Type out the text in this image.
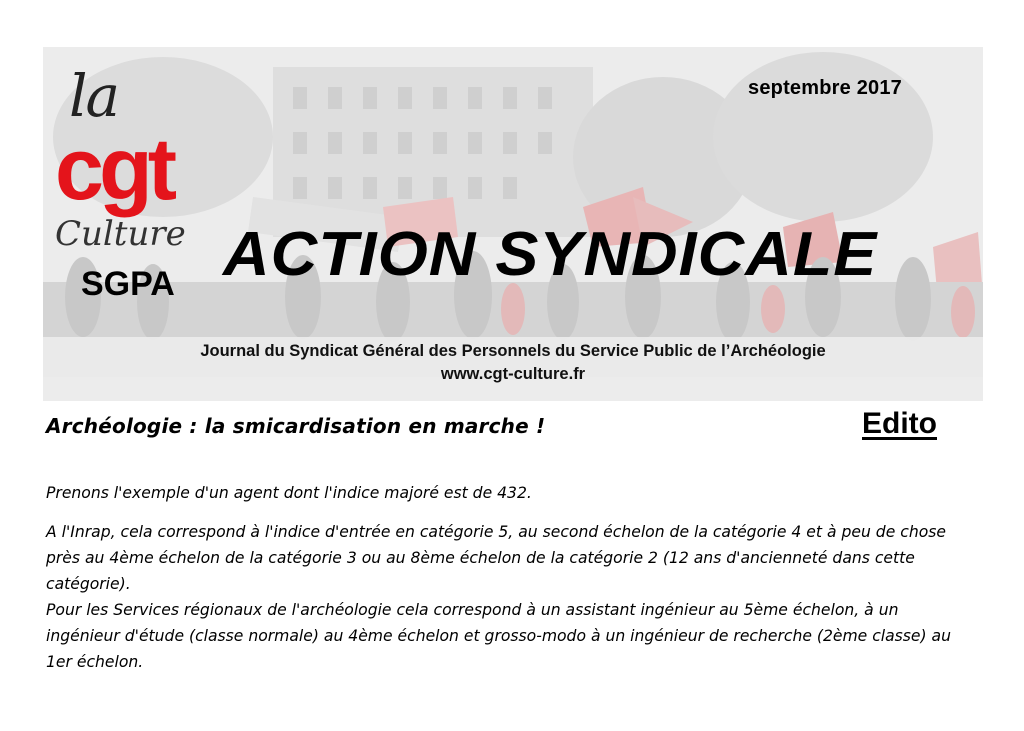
septembre 2017
la
cgt
Culture
SGPA ACTION SYNDICALE
Journal du Syndicat Général des Personnels du Service Public de l’Archéologie
www.cgt-culture.fr
Archéologie : la smicardisation en marche !	Edito

Prenons l'exemple d'un agent dont l'indice majoré est de 432.

A l'Inrap, cela correspond à l'indice d'entrée en catégorie 5, au second échelon de la catégorie 4 et à peu de chose près au 4ème échelon de la catégorie 3 ou au 8ème échelon de la catégorie 2 (12 ans d'ancienneté dans cette catégorie).

Pour les Services régionaux de l'archéologie cela correspond à un assistant ingénieur au 5ème échelon, à un ingénieur d'étude (classe normale) au 4ème échelon et grosso-modo à un ingénieur de recherche (2ème classe) au 1er échelon.
